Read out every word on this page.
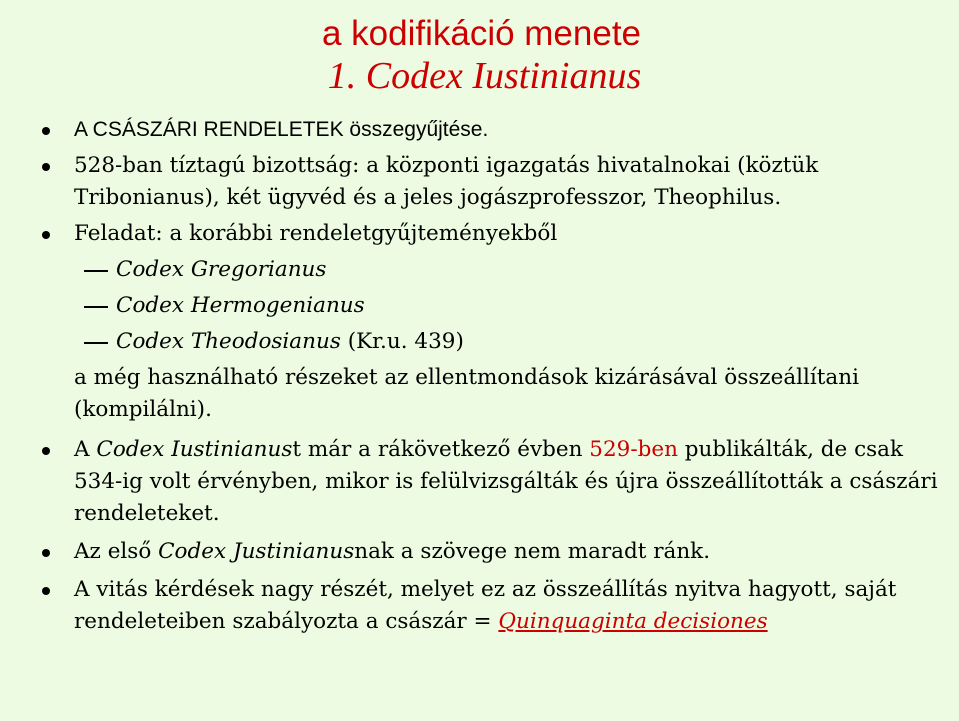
a kodifikáció menete
1. Codex Iustinianus
A CSÁSZÁRI RENDELETEK összegyűjtése.
528-ban tíztagú bizottság: a központi igazgatás hivatalnokai (köztük Tribonianus), két ügyvéd és a jeles jogászprofesszor, Theophilus.
Feladat: a korábbi rendeletgyűjteményekből
Codex Gregorianus
Codex Hermogenianus
Codex Theodosianus (Kr.u. 439)
a még használható részeket az ellentmondások kizárásával összeállítani (kompilálni).
A Codex Iustinianust már a rákövetkező évben 529-ben publikálták, de csak 534-ig volt érvényben, mikor is felülvizsgálták és újra összeállították a császári rendeleteket.
Az első Codex Justinianusnak a szövege nem maradt ránk.
A vitás kérdések nagy részét, melyet ez az összeállítás nyitva hagyott, saját rendeleteiben szabályozta a császár = Quinquaginta decisiones
